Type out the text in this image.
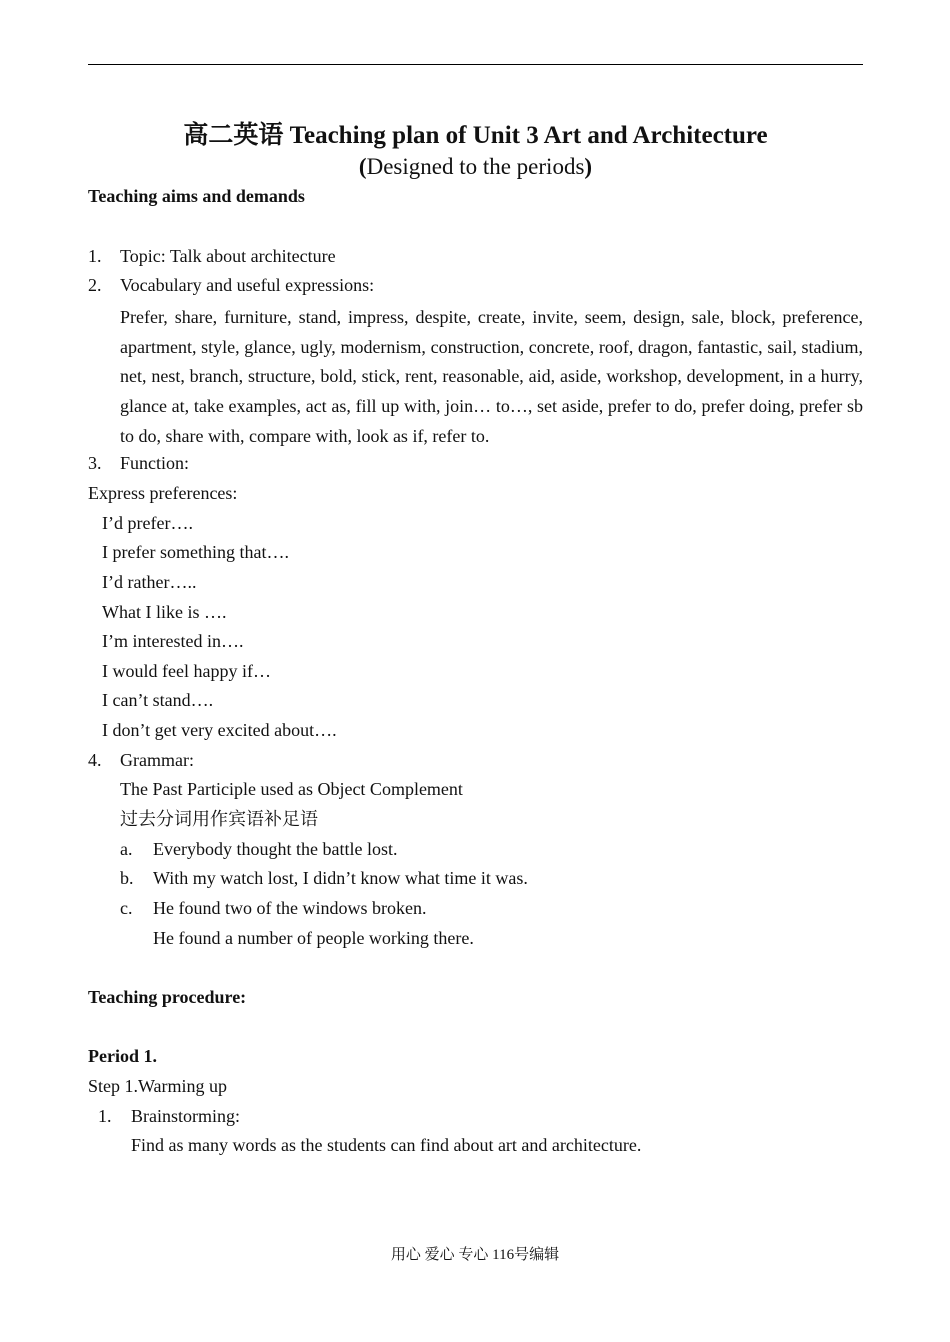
高二英语 Teaching plan of Unit 3 Art and Architecture
(Designed to the periods)
Teaching aims and demands
1. Topic: Talk about architecture
2. Vocabulary and useful expressions:
Prefer, share, furniture, stand, impress, despite, create, invite, seem, design, sale, block, preference, apartment, style, glance, ugly, modernism, construction, concrete, roof, dragon, fantastic, sail, stadium, net, nest, branch, structure, bold, stick, rent, reasonable, aid, aside, workshop, development, in a hurry, glance at, take examples, act as, fill up with, join… to…, set aside, prefer to do, prefer doing, prefer sb to do, share with, compare with, look as if, refer to.
3. Function:
Express preferences:
I’d prefer….
I prefer something that….
I’d rather…..
What I like is ….
I’m interested in….
I would feel happy if…
I can’t stand….
I don’t get very excited about….
4. Grammar:
The Past Participle used as Object Complement
过去分词用作宾语补足语
a. Everybody thought the battle lost.
b. With my watch lost, I didn’t know what time it was.
c. He found two of the windows broken.
He found a number of people working there.
Teaching procedure:
Period 1.
Step 1.Warming up
1. Brainstorming:
Find as many words as the students can find about art and architecture.
用心 爱心 专心 116号编辑
